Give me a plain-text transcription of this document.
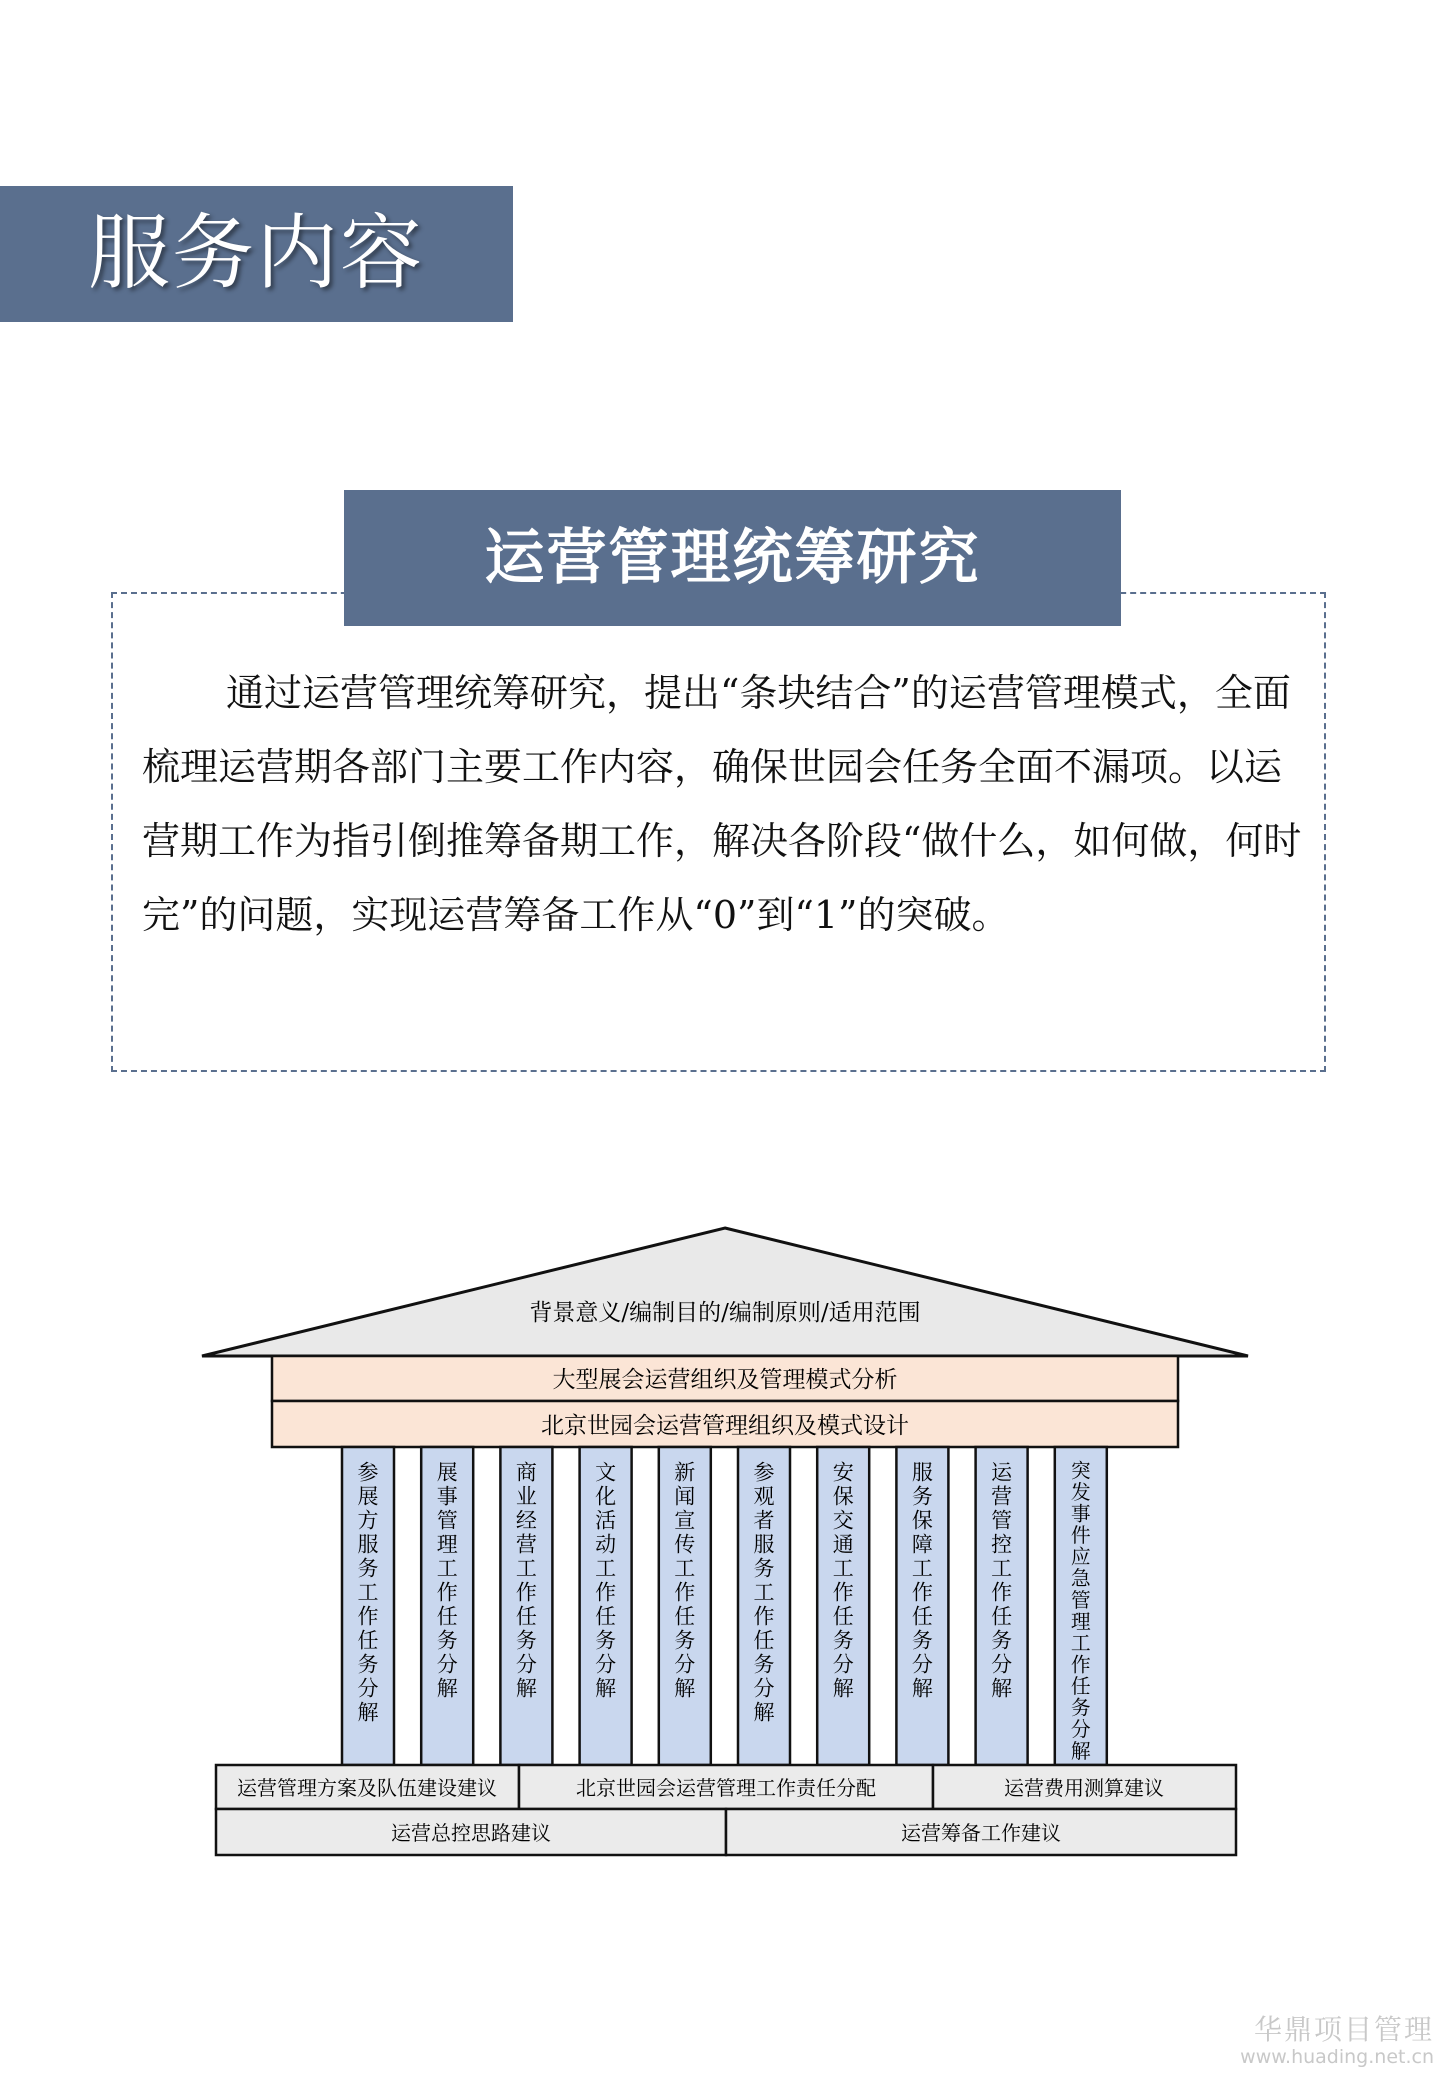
服务内容
运营管理统筹研究

通过运营管理统筹研究，提出“条块结合”的运营管理模式，全面梳理运营期各部门主要工作内容，确保世园会任务全面不漏项。以运营期工作为指引倒推筹备期工作，解决各阶段“做什么，如何做，何时完”的问题，实现运营筹备工作从“0”到“1”的突破。

背景意义/编制目的/编制原则/适用范围
大型展会运营组织及管理模式分析
北京世园会运营管理组织及模式设计
参展方服务工作任务分解
展事管理工作任务分解
商业经营工作任务分解
文化活动工作任务分解
新闻宣传工作任务分解
参观者服务工作任务分解
安保交通工作任务分解
服务保障工作任务分解
运营管控工作任务分解
突发事件应急管理工作任务分解
运营管理方案及队伍建设建议	北京世园会运营管理工作责任分配	运营费用测算建议
运营总控思路建议	运营筹备工作建议
华鼎项目管理
www.huading.net.cn
